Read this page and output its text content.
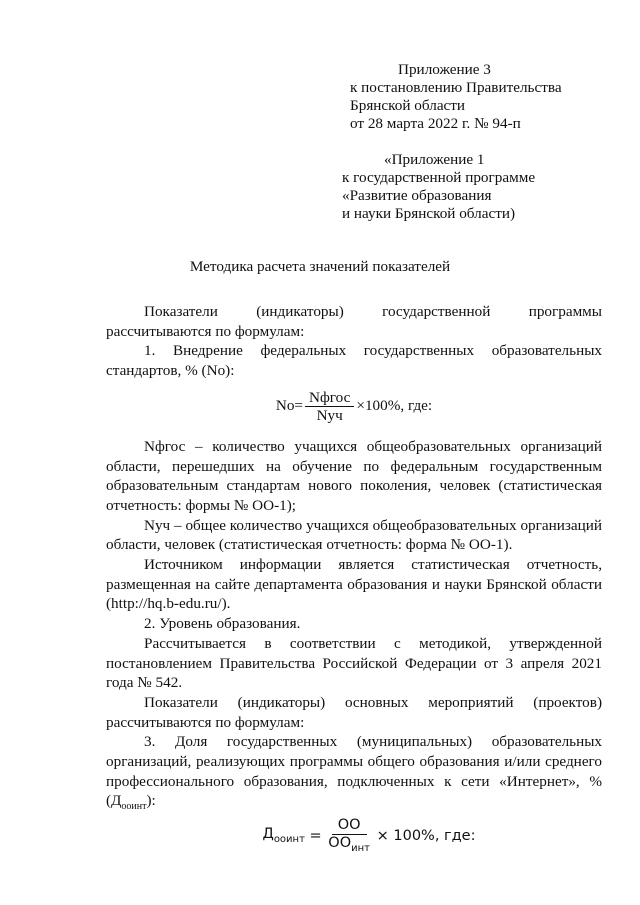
Приложение 3
к постановлению Правительства
Брянской области
от 28 марта 2022 г. № 94-п
«Приложение 1
к государственной программе
«Развитие образования
и науки Брянской области)
Методика расчета значений показателей

Показатели (индикаторы) государственной программы рассчитываются по формулам:

1. Внедрение федеральных государственных образовательных стандартов, % (No):

$No= \frac{\text{Nфгос}}{\text{Nуч}} \times 100\%$, где:

Nфгос – количество учащихся общеобразовательных организаций области, перешедших на обучение по федеральным государственным образовательным стандартам нового поколения, человек (статистическая отчетность: формы № ОО-1);

Nуч – общее количество учащихся общеобразовательных организаций области, человек (статистическая отчетность: форма № ОО-1).

Источником информации является статистическая отчетность, размещенная на сайте департамента образования и науки Брянской области (http://hq.b-edu.ru/).

2. Уровень образования.

Рассчитывается в соответствии с методикой, утвержденной постановлением Правительства Российской Федерации от 3 апреля 2021 года № 542.

Показатели (индикаторы) основных мероприятий (проектов) рассчитываются по формулам:

3. Доля государственных (муниципальных) образовательных организаций, реализующих программы общего образования и/или среднего профессионального образования, подключенных к сети «Интернет», % $(Д_{ооинт})$:

$Д_{ооинт} = \frac{ОО}{ОО_{инт}} \times 100\%$, где:
